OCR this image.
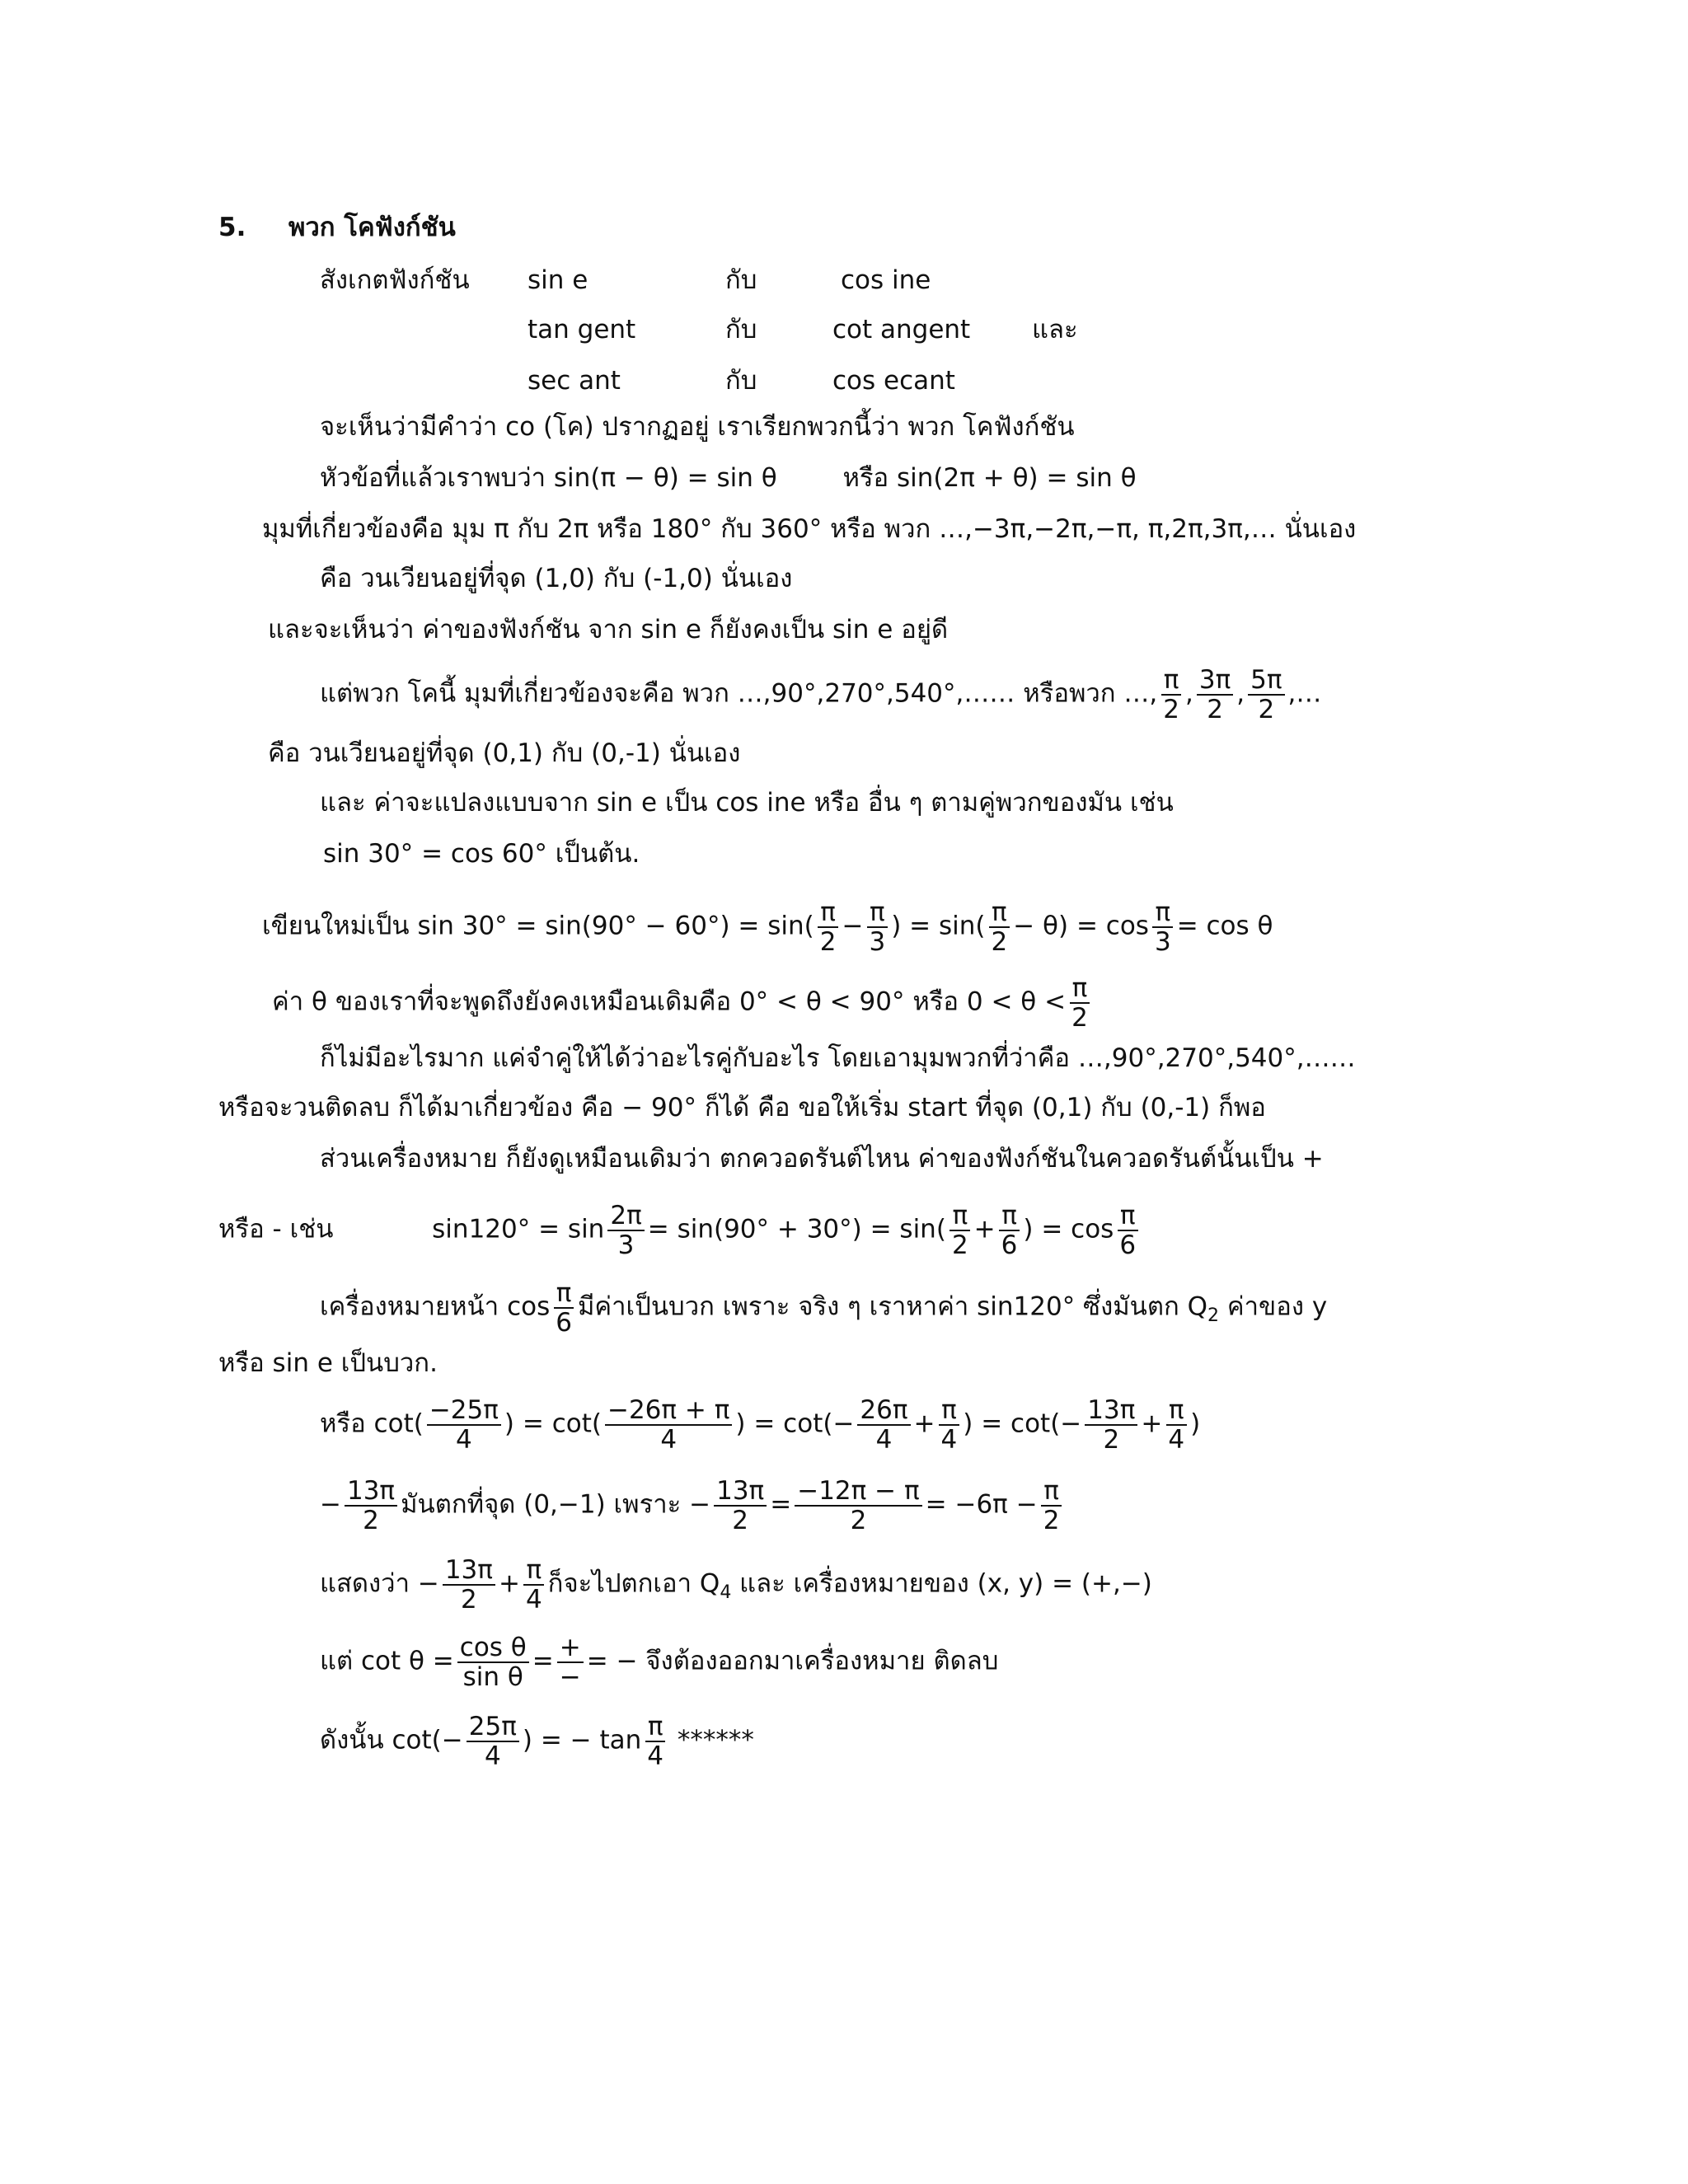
5. พวก โคฟังก์ชัน
สังเกตฟังก์ชัน sin e	กับ	cos ine
tan gent	กับ	cot angent และ
sec ant	กับ	cos ecant
จะเห็นว่ามีคำว่า co (โค) ปรากฏอยู่ เราเรียกพวกนี้ว่า พวก โคฟังก์ชัน
หัวข้อที่แล้วเราพบว่า sin(π − θ) = sin θ	หรือ sin(2π + θ) = sin θ
มุมที่เกี่ยวข้องคือ มุม π กับ 2π หรือ 180° กับ 360° หรือ พวก …,−3π,−2π,−π, π,2π,3π,… นั่นเอง
คือ วนเวียนอยู่ที่จุด (1,0) กับ (-1,0) นั่นเอง
และจะเห็นว่า ค่าของฟังก์ชัน จาก sin e ก็ยังคงเป็น sin e อยู่ดี
แต่พวก โคนี้ มุมที่เกี่ยวข้องจะคือ พวก …,90°,270°,540°,…… หรือพวก …, $\frac{\pi}{2}$ , $\frac{3\pi}{2}$ , $\frac{5\pi}{2}$ ,…
คือ วนเวียนอยู่ที่จุด (0,1) กับ (0,-1) นั่นเอง
และ ค่าจะแปลงแบบจาก sin e เป็น cos ine หรือ อื่น ๆ ตามคู่พวกของมัน เช่น
sin 30° = cos 60° เป็นต้น.
เขียนใหม่เป็น $\sin 30^\circ = \sin(90^\circ - 60^\circ) = \sin( \frac{\pi}{2} - \frac{\pi}{3}$ ) = $\sin( \frac{\pi}{2} - \theta) = \cos \frac{\pi}{3} = \cos \theta$
ค่า θ ของเราที่จะพูดถึงยังคงเหมือนเดิมคือ 0° < θ < 90° หรือ $0 < \theta < \frac{\pi}{2}$
ก็ไม่มีอะไรมาก แค่จำคู่ให้ได้ว่าอะไรคู่กับอะไร โดยเอามุมพวกที่ว่าคือ …,90°,270°,540°,……
หรือจะวนติดลบ ก็ได้มาเกี่ยวข้อง คือ − 90° ก็ได้ คือ ขอให้เริ่ม start ที่จุด (0,1) กับ (0,-1) ก็พอ
ส่วนเครื่องหมาย ก็ยังดูเหมือนเดิมว่า ตกควอดรันต์ไหน ค่าของฟังก์ชันในควอดรันต์นั้นเป็น +
หรือ - เช่น	$\sin 120^\circ = \sin \frac{2\pi}{3} = \sin(90^\circ + 30^\circ) = \sin( \frac{\pi}{2} + \frac{\pi}{6}$ ) = $\cos \frac{\pi}{6}$
เครื่องหมายหน้า $\cos \frac{\pi}{6}$ มีค่าเป็นบวก เพราะ จริง ๆ เราหาค่า sin120° ซึ่งมันตก $Q_2$ ค่าของ y
หรือ sin e เป็นบวก.
หรือ $\cot( \frac{-25\pi}{4}$ ) = $\cot( \frac{-26\pi + \pi}{4}$ ) = $\cot(- \frac{26\pi}{4} + \frac{\pi}{4}$ ) = $\cot(- \frac{13\pi}{2} + \frac{\pi}{4}$ )
− $\frac{13\pi}{2}$ มันตกที่จุด (0,−1) เพราะ − $\frac{13\pi}{2} = \frac{-12\pi - \pi}{2} = -6\pi - \frac{\pi}{2}$
แสดงว่า − $\frac{13\pi}{2} + \frac{\pi}{4}$ ก็จะไปตกเอา $Q_4$ และ เครื่องหมายของ (x, y) = (+,−)
แต่ $\cot \theta = \frac{\text{cos θ}}{\text{sin θ}} = \frac{+}{-}$ = − จึงต้องออกมาเครื่องหมาย ติดลบ
ดังนั้น $\cot(- \frac{25\pi}{4}$ ) = − $\tan \frac{\pi}{4}$ ******
